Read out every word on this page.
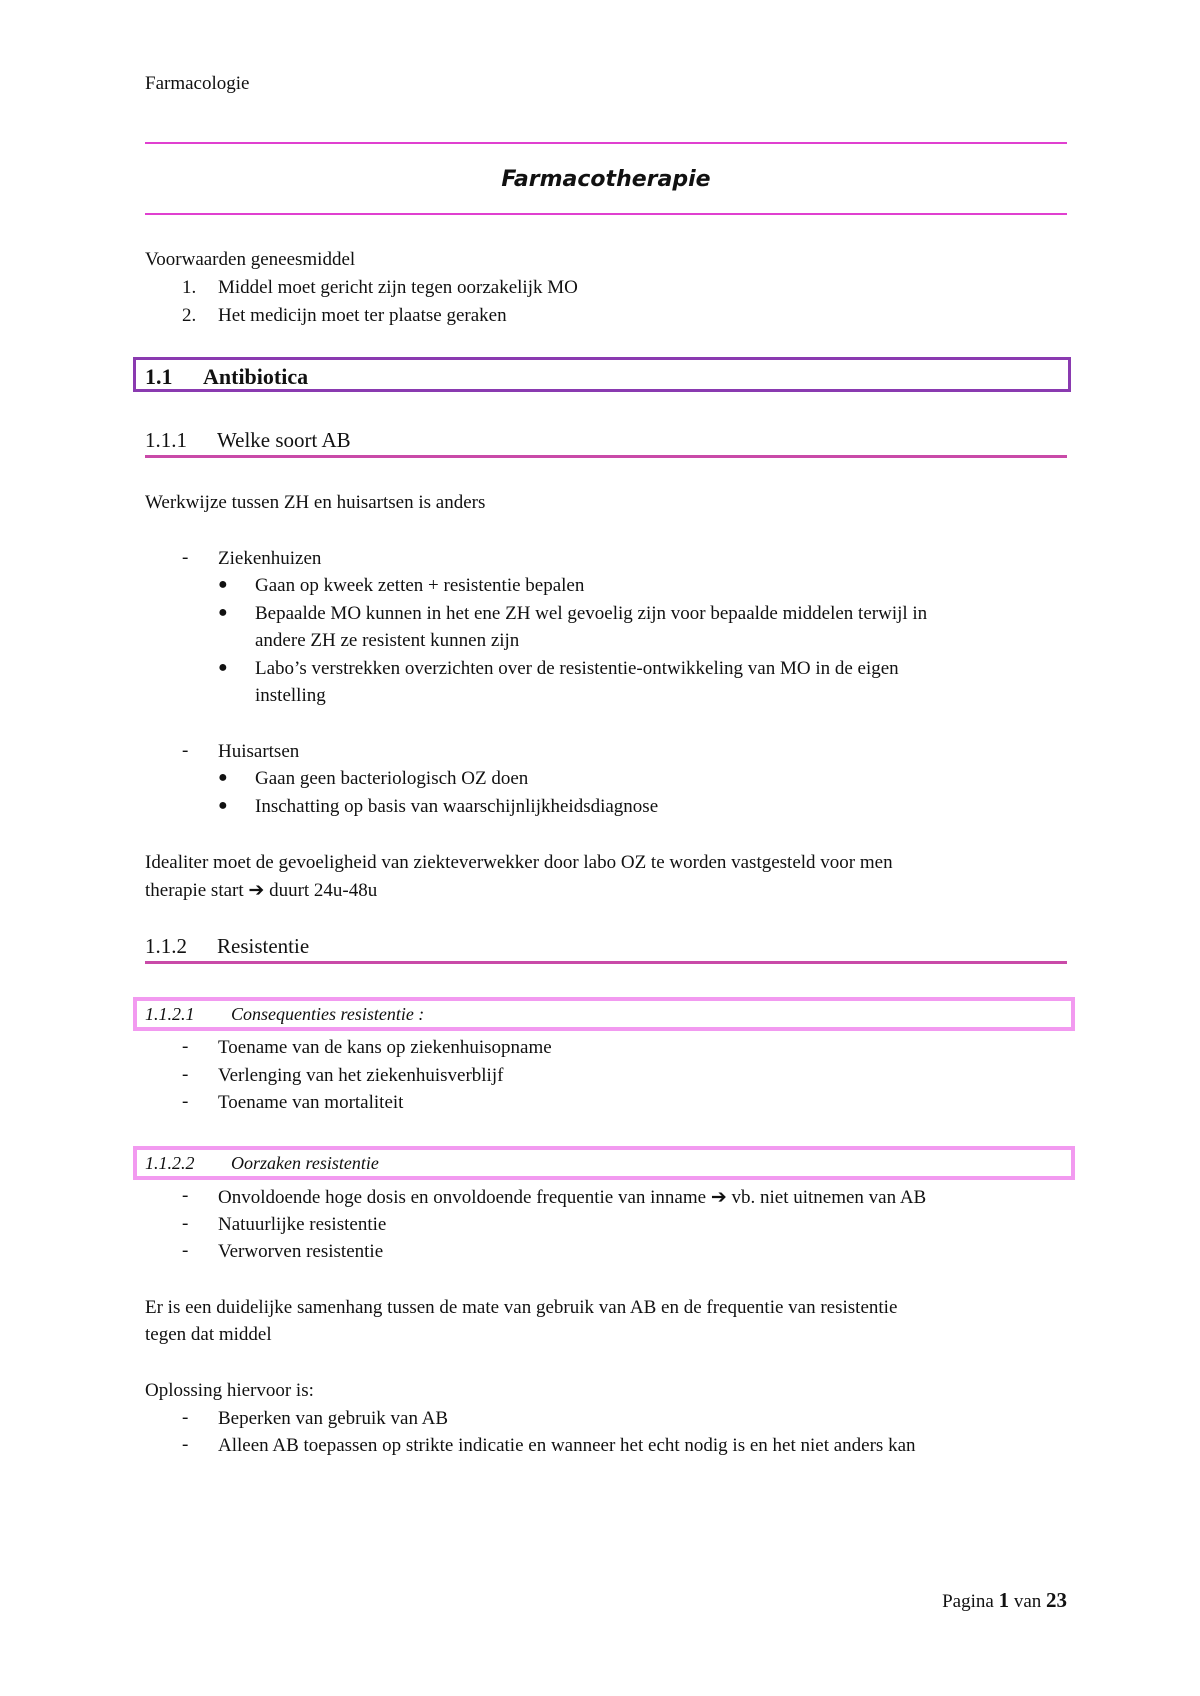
Farmacologie
Farmacotherapie
Voorwaarden geneesmiddel
1. Middel moet gericht zijn tegen oorzakelijk MO
2. Het medicijn moet ter plaatse geraken
1.1 Antibiotica
1.1.1 Welke soort AB
Werkwijze tussen ZH en huisartsen is anders
- Ziekenhuizen
● Gaan op kweek zetten + resistentie bepalen
● Bepaalde MO kunnen in het ene ZH wel gevoelig zijn voor bepaalde middelen terwijl in
andere ZH ze resistent kunnen zijn
● Labo’s verstrekken overzichten over de resistentie-ontwikkeling van MO in de eigen
instelling
- Huisartsen
● Gaan geen bacteriologisch OZ doen
● Inschatting op basis van waarschijnlijkheidsdiagnose
Idealiter moet de gevoeligheid van ziekteverwekker door labo OZ te worden vastgesteld voor men
therapie start ➔ duurt 24u-48u
1.1.2 Resistentie
1.1.2.1 Consequenties resistentie :
- Toename van de kans op ziekenhuisopname
- Verlenging van het ziekenhuisverblijf
- Toename van mortaliteit
1.1.2.2 Oorzaken resistentie
- Onvoldoende hoge dosis en onvoldoende frequentie van inname ➔ vb. niet uitnemen van AB
- Natuurlijke resistentie
- Verworven resistentie
Er is een duidelijke samenhang tussen de mate van gebruik van AB en de frequentie van resistentie
tegen dat middel
Oplossing hiervoor is:
- Beperken van gebruik van AB
- Alleen AB toepassen op strikte indicatie en wanneer het echt nodig is en het niet anders kan
Pagina 1 van 23
